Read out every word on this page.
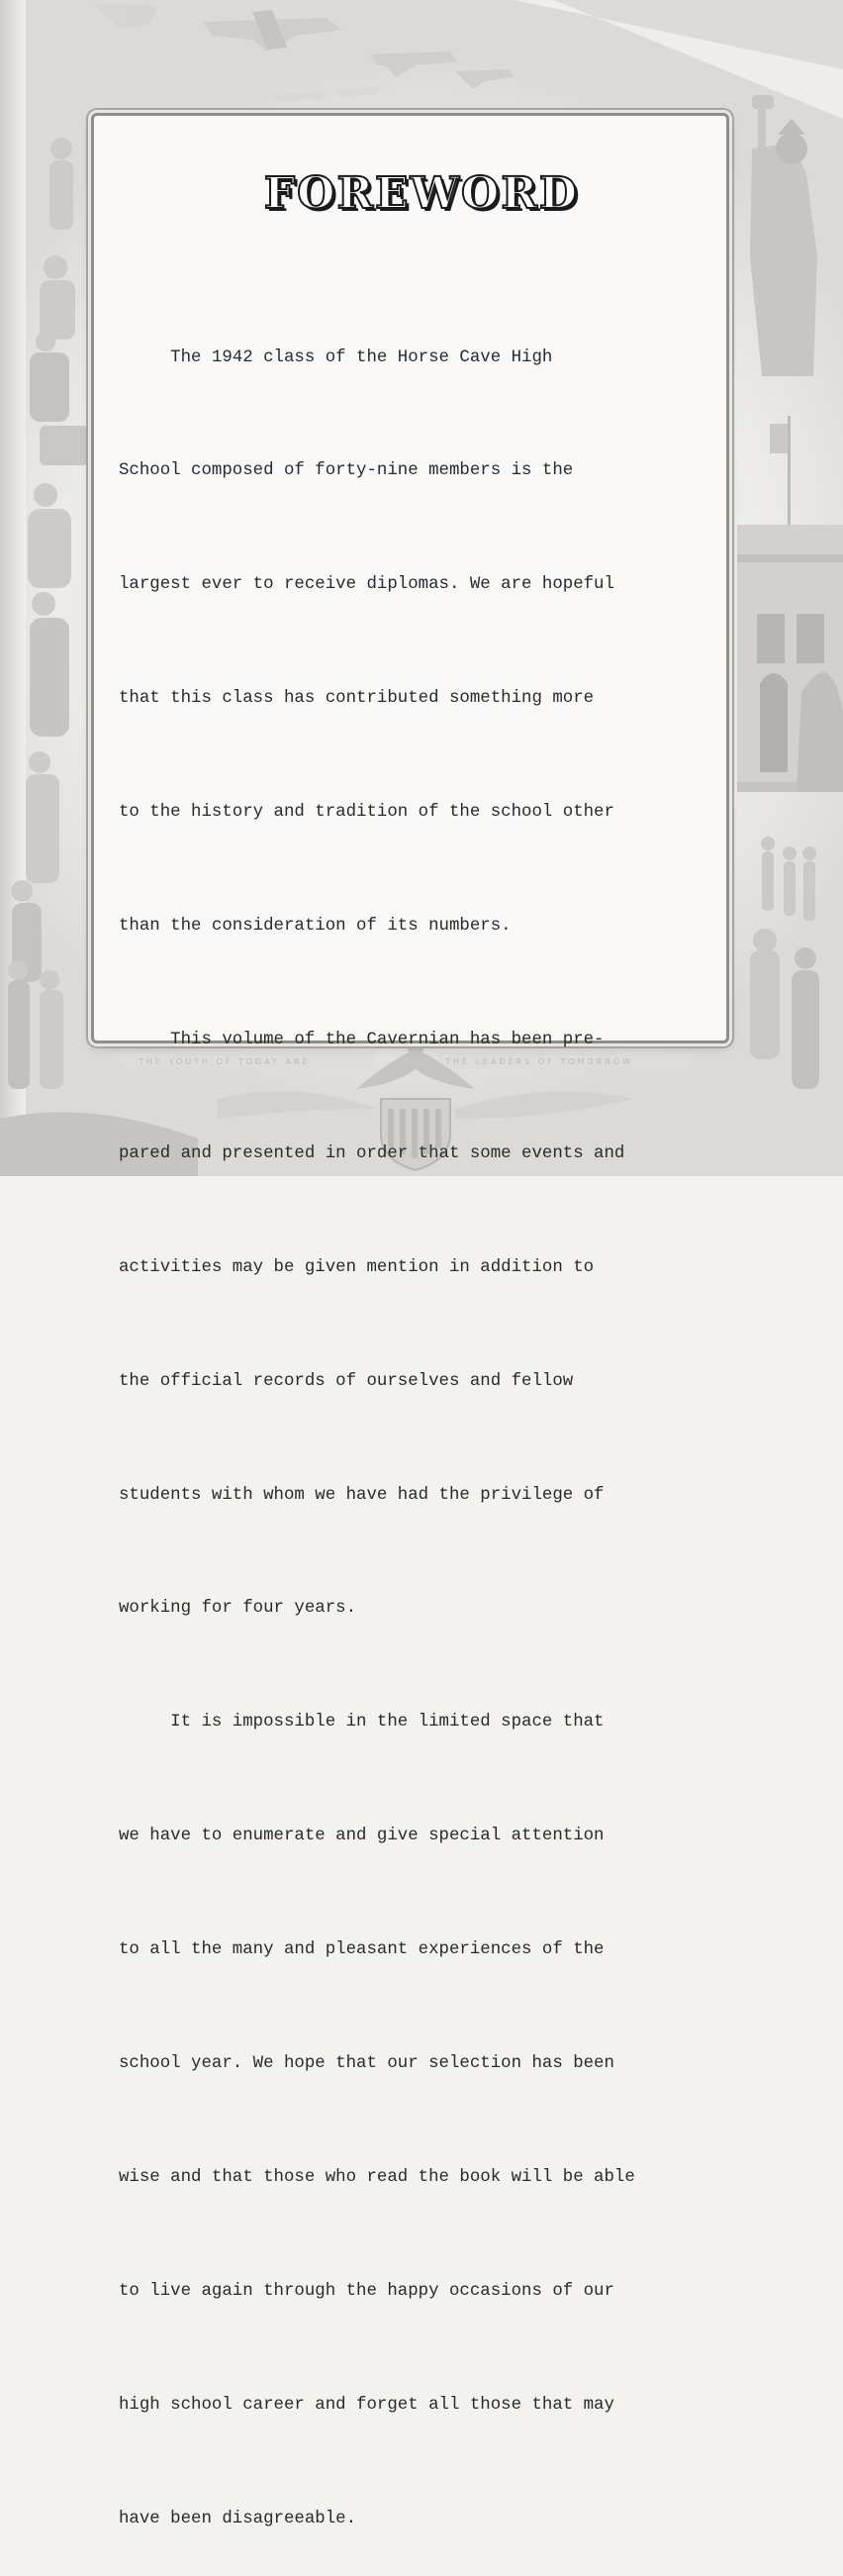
THE YOUTH OF TODAY ARE	THE LEADERS OF TOMORROW
FOREWORD

The 1942 class of the Horse Cave High

School composed of forty-nine members is the

largest ever to receive diplomas. We are hopeful

that this class has contributed something more

to the history and tradition of the school other

than the consideration of its numbers.

This volume of the Cavernian has been pre-

pared and presented in order that some events and

activities may be given mention in addition to

the official records of ourselves and fellow

students with whom we have had the privilege of

working for four years.

It is impossible in the limited space that

we have to enumerate and give special attention

to all the many and pleasant experiences of the

school year. We hope that our selection has been

wise and that those who read the book will be able

to live again through the happy occasions of our

high school career and forget all those that may

have been disagreeable.
